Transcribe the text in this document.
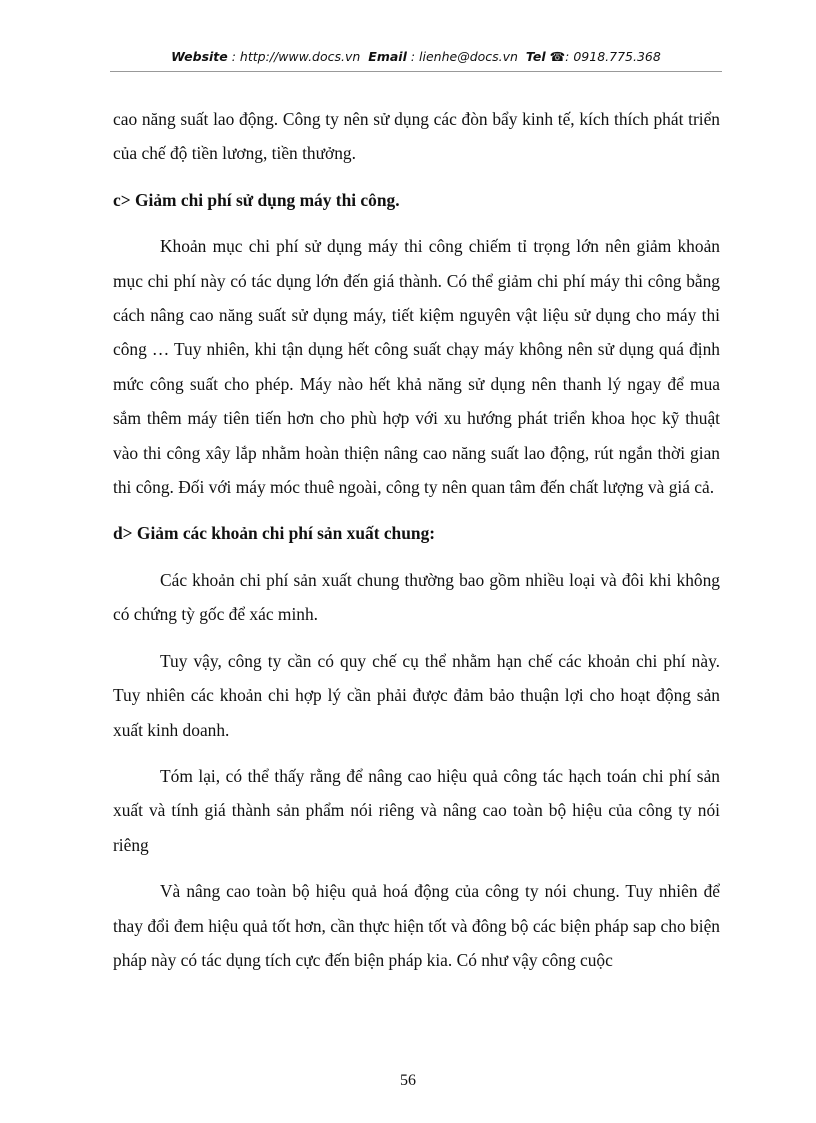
Website : http://www.docs.vn Email : lienhe@docs.vn Tel ☎: 0918.775.368

cao năng suất lao động. Công ty nên sử dụng các đòn bẩy kinh tế, kích thích phát triển của chế độ tiền lương, tiền thưởng.

c> Giảm chi phí sử dụng máy thi công.

Khoản mục chi phí sử dụng máy thi công chiếm tỉ trọng lớn nên giảm khoản mục chi phí này có tác dụng lớn đến giá thành. Có thể giảm chi phí máy thi công bằng cách nâng cao năng suất sử dụng máy, tiết kiệm nguyên vật liệu sử dụng cho máy thi công … Tuy nhiên, khi tận dụng hết công suất chạy máy không nên sử dụng quá định mức công suất cho phép. Máy nào hết khả năng sử dụng nên thanh lý ngay để mua sắm thêm máy tiên tiến hơn cho phù hợp với xu hướng phát triển khoa học kỹ thuật vào thi công xây lắp nhằm hoàn thiện nâng cao năng suất lao động, rút ngắn thời gian thi công. Đối với máy móc thuê ngoài, công ty nên quan tâm đến chất lượng và giá cả.

d> Giảm các khoản chi phí sản xuất chung:

Các khoản chi phí sản xuất chung thường bao gồm nhiều loại và đôi khi không có chứng tỳ gốc để xác minh.

Tuy vậy, công ty cần có quy chế cụ thể nhằm hạn chế các khoản chi phí này. Tuy nhiên các khoản chi hợp lý cần phải được đảm bảo thuận lợi cho hoạt động sản xuất kinh doanh.

Tóm lại, có thể thấy rằng để nâng cao hiệu quả công tác hạch toán chi phí sản xuất và tính giá thành sản phẩm nói riêng và nâng cao toàn bộ hiệu của công ty nói riêng

Và nâng cao toàn bộ hiệu quả hoá động của công ty nói chung. Tuy nhiên để thay đổi đem hiệu quả tốt hơn, cần thực hiện tốt và đông bộ các biện pháp sap cho biện pháp này có tác dụng tích cực đến biện pháp kia. Có như vậy công cuộc

56
